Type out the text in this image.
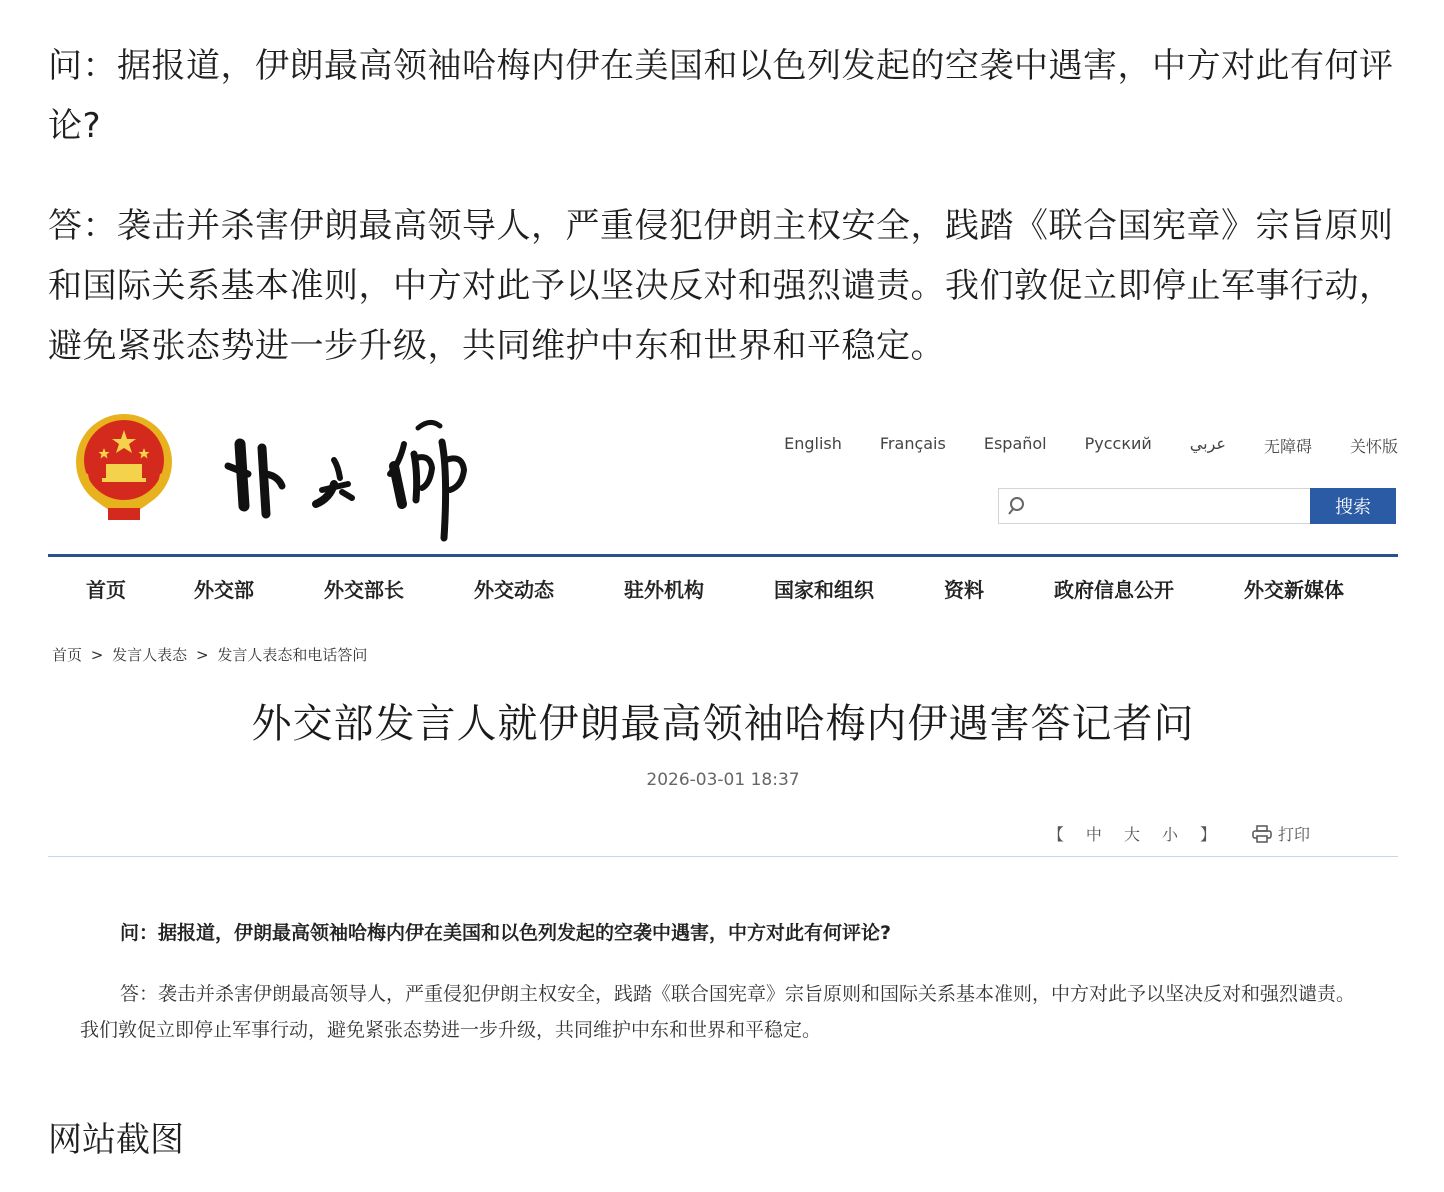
问：据报道，伊朗最高领袖哈梅内伊在美国和以色列发起的空袭中遇害，中方对此有何评论?

答：袭击并杀害伊朗最高领导人，严重侵犯伊朗主权安全，践踏《联合国宪章》宗旨原则和国际关系基本准则，中方对此予以坚决反对和强烈谴责。我们敦促立即停止军事行动，避免紧张态势进一步升级，共同维护中东和世界和平稳定。

English Français Español Русский عربي 无障碍 关怀版
搜索
首页	外交部	外交部长	外交动态	驻外机构	国家和组织	资料	政府信息公开	外交新媒体
首页 > 发言人表态 > 发言人表态和电话答问
外交部发言人就伊朗最高领袖哈梅内伊遇害答记者问
2026-03-01 18:37
【 中 大 小 】	打印
问：据报道，伊朗最高领袖哈梅内伊在美国和以色列发起的空袭中遇害，中方对此有何评论?

答：袭击并杀害伊朗最高领导人，严重侵犯伊朗主权安全，践踏《联合国宪章》宗旨原则和国际关系基本准则，中方对此予以坚决反对和强烈谴责。我们敦促立即停止军事行动，避免紧张态势进一步升级，共同维护中东和世界和平稳定。

网站截图
